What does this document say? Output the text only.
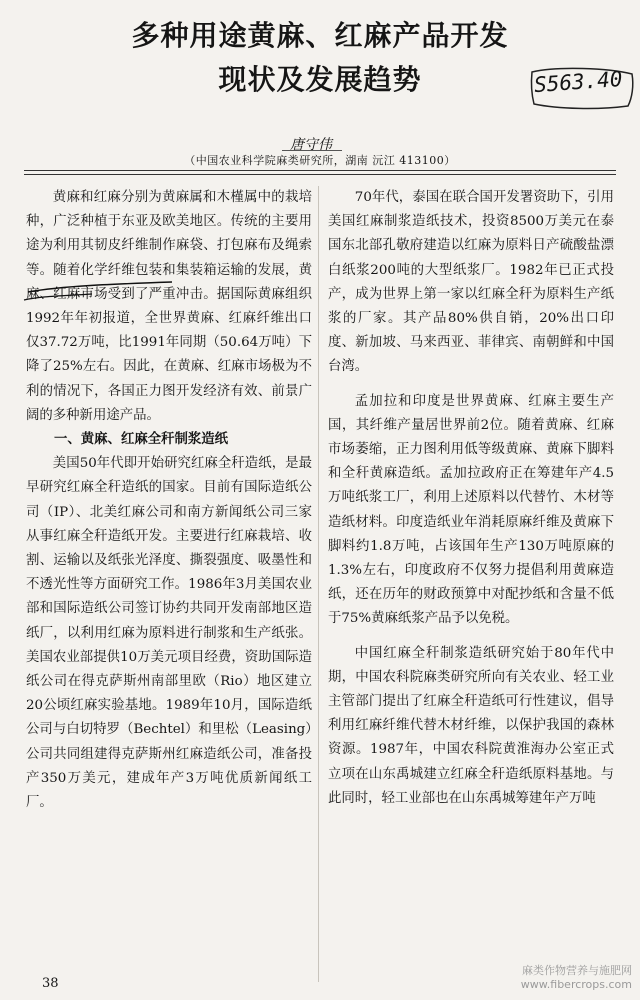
多种用途黄麻、红麻产品开发
现状及发展趋势	S563.40
唐守伟
（中国农业科学院麻类研究所，湖南 沅江 413100）

黄麻和红麻分别为黄麻属和木槿属中的栽培种，广泛种植于东亚及欧美地区。传统的主要用途为利用其韧皮纤维制作麻袋、打包麻布及绳索等。随着化学纤维包装和集装箱运输的发展，黄麻、红麻市场受到了严重冲击。据国际黄麻组织1992年年初报道，全世界黄麻、红麻纤维出口仅37.72万吨，比1991年同期（50.64万吨）下降了25%左右。因此，在黄麻、红麻市场极为不利的情况下，各国正力图开发经济有效、前景广阔的多种新用途产品。

一、黄麻、红麻全秆制浆造纸

美国50年代即开始研究红麻全秆造纸，是最早研究红麻全秆造纸的国家。目前有国际造纸公司（IP）、北美红麻公司和南方新闻纸公司三家从事红麻全秆造纸开发。主要进行红麻栽培、收割、运输以及纸张光泽度、撕裂强度、吸墨性和不透光性等方面研究工作。1986年3月美国农业部和国际造纸公司签订协约共同开发南部地区造纸厂，以利用红麻为原料进行制浆和生产纸张。美国农业部提供10万美元项目经费，资助国际造纸公司在得克萨斯州南部里欧（Rio）地区建立20公顷红麻实验基地。1989年10月，国际造纸公司与白切特罗（Bechtel）和里松（Leasing）公司共同组建得克萨斯州红麻造纸公司，准备投产350万美元，建成年产3万吨优质新闻纸工厂。

70年代，泰国在联合国开发署资助下，引用美国红麻制浆造纸技术，投资8500万美元在泰国东北部孔敬府建造以红麻为原料日产硫酸盐漂白纸浆200吨的大型纸浆厂。1982年已正式投产，成为世界上第一家以红麻全秆为原料生产纸浆的厂家。其产品80%供自销，20%出口印度、新加坡、马来西亚、菲律宾、南朝鲜和中国台湾。

孟加拉和印度是世界黄麻、红麻主要生产国，其纤维产量居世界前2位。随着黄麻、红麻市场萎缩，正力图利用低等级黄麻、黄麻下脚料和全秆黄麻造纸。孟加拉政府正在筹建年产4.5万吨纸浆工厂，利用上述原料以代替竹、木材等造纸材料。印度造纸业年消耗原麻纤维及黄麻下脚料约1.8万吨，占该国年生产130万吨原麻的1.3%左右，印度政府不仅努力提倡利用黄麻造纸，还在历年的财政预算中对配抄纸和含量不低于75%黄麻纸浆产品予以免税。

中国红麻全秆制浆造纸研究始于80年代中期，中国农科院麻类研究所向有关农业、轻工业主管部门提出了红麻全秆造纸可行性建议，倡导利用红麻纤维代替木材纤维，以保护我国的森林资源。1987年，中国农科院黄淮海办公室正式立项在山东禹城建立红麻全秆造纸原料基地。与此同时，轻工业部也在山东禹城筹建年产万吨

38
麻类作物营养与施肥网
www.fibercrops.com
